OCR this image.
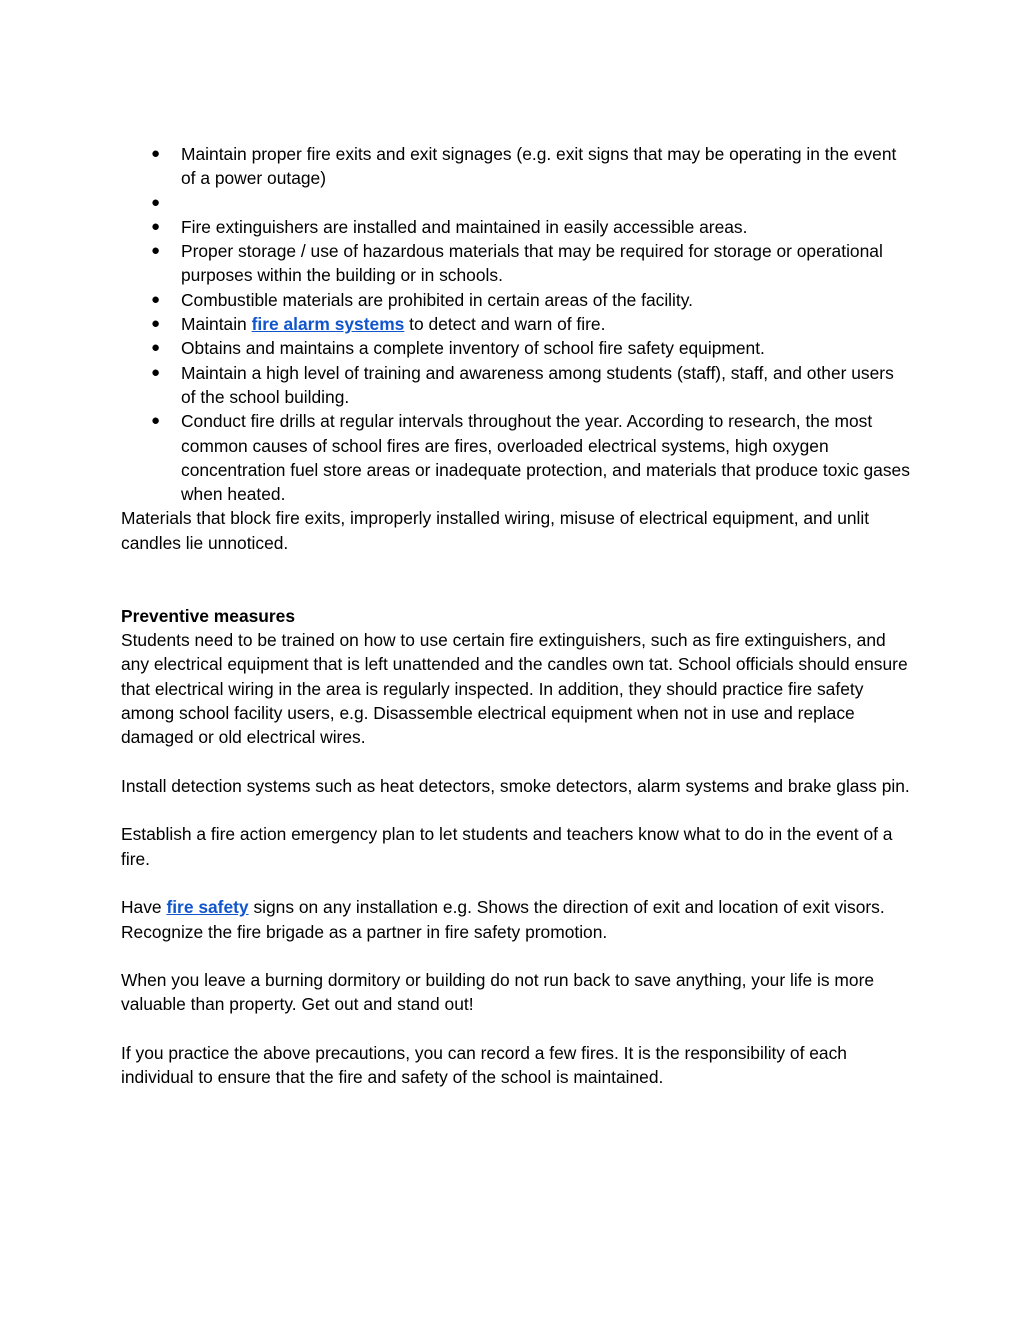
● Maintain proper fire exits and exit signages (e.g. exit signs that may be operating in the event of a power outage)
●
● Fire extinguishers are installed and maintained in easily accessible areas.
● Proper storage / use of hazardous materials that may be required for storage or operational purposes within the building or in schools.
● Combustible materials are prohibited in certain areas of the facility.
● Maintain fire alarm systems to detect and warn of fire.
● Obtains and maintains a complete inventory of school fire safety equipment.
● Maintain a high level of training and awareness among students (staff), staff, and other users of the school building.
● Conduct fire drills at regular intervals throughout the year. According to research, the most common causes of school fires are fires, overloaded electrical systems, high oxygen concentration fuel store areas or inadequate protection, and materials that produce toxic gases when heated.

Materials that block fire exits, improperly installed wiring, misuse of electrical equipment, and unlit candles lie unnoticed.

Preventive measures

Students need to be trained on how to use certain fire extinguishers, such as fire extinguishers, and any electrical equipment that is left unattended and the candles own tat. School officials should ensure that electrical wiring in the area is regularly inspected. In addition, they should practice fire safety among school facility users, e.g. Disassemble electrical equipment when not in use and replace damaged or old electrical wires.

Install detection systems such as heat detectors, smoke detectors, alarm systems and brake glass pin.

Establish a fire action emergency plan to let students and teachers know what to do in the event of a fire.

Have fire safety signs on any installation e.g. Shows the direction of exit and location of exit visors.

Recognize the fire brigade as a partner in fire safety promotion.

When you leave a burning dormitory or building do not run back to save anything, your life is more valuable than property. Get out and stand out!

If you practice the above precautions, you can record a few fires. It is the responsibility of each individual to ensure that the fire and safety of the school is maintained.
